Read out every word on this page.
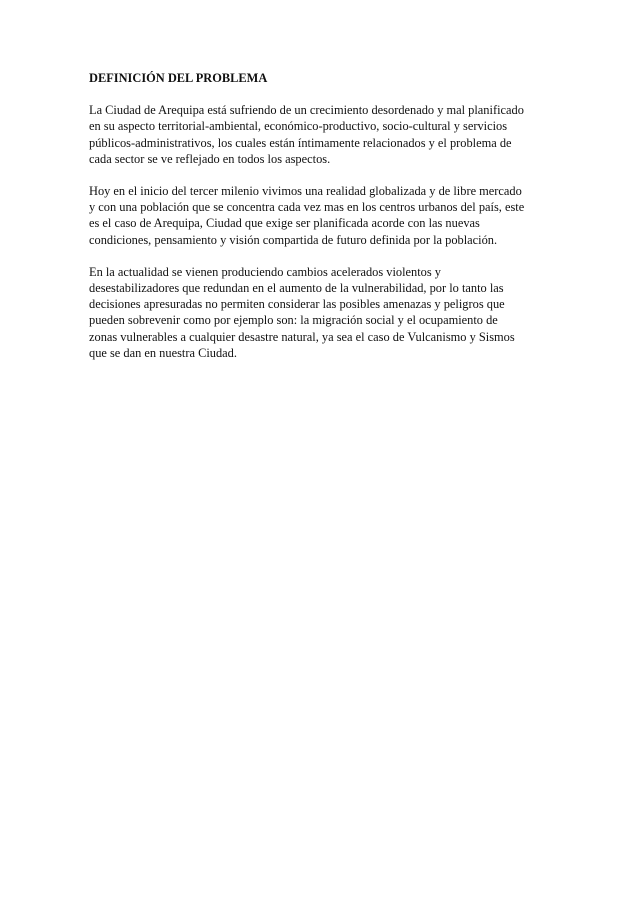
DEFINICIÓN DEL PROBLEMA
La Ciudad de Arequipa está sufriendo de un crecimiento desordenado y mal planificado
en su aspecto territorial-ambiental, económico-productivo, socio-cultural y servicios
públicos-administrativos, los cuales están íntimamente relacionados y el problema de
cada sector se ve reflejado en todos los aspectos.
Hoy en el inicio del tercer milenio vivimos una realidad globalizada y de libre mercado
y con una población que se concentra cada vez mas en los centros urbanos del país, este
es el caso de Arequipa, Ciudad que exige ser planificada acorde con las nuevas
condiciones, pensamiento y visión compartida de futuro definida por la población.
En la actualidad se vienen produciendo cambios acelerados violentos y
desestabilizadores que redundan en el aumento de la vulnerabilidad, por lo tanto las
decisiones apresuradas no permiten considerar las posibles amenazas y peligros que
pueden sobrevenir como por ejemplo son: la migración social y el ocupamiento de
zonas vulnerables a cualquier desastre natural, ya sea el caso de Vulcanismo y Sismos
que se dan en nuestra Ciudad.
